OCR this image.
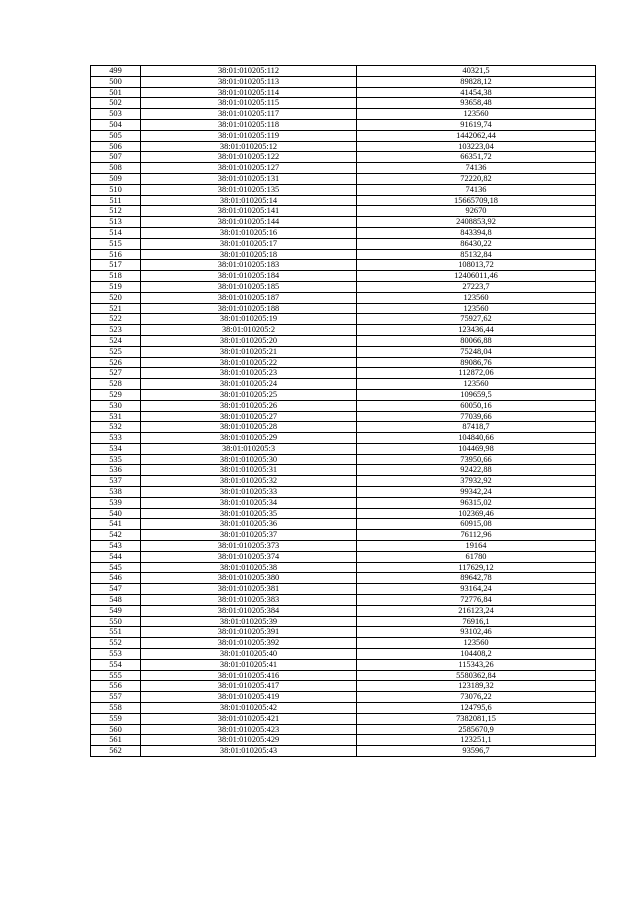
499	38:01:010205:112	40321,5
500	38:01:010205:113	89828,12
501	38:01:010205:114	41454,38
502	38:01:010205:115	93658,48
503	38:01:010205:117	123560
504	38:01:010205:118	91619,74
505	38:01:010205:119	1442062,44
506	38:01:010205:12	103223,04
507	38:01:010205:122	66351,72
508	38:01:010205:127	74136
509	38:01:010205:131	72220,82
510	38:01:010205:135	74136
511	38:01:010205:14	15665709,18
512	38:01:010205:141	92670
513	38:01:010205:144	2408853,92
514	38:01:010205:16	843394,8
515	38:01:010205:17	86430,22
516	38:01:010205:18	85132,84
517	38:01:010205:183	108013,72
518	38:01:010205:184	12406011,46
519	38:01:010205:185	27223,7
520	38:01:010205:187	123560
521	38:01:010205:188	123560
522	38:01:010205:19	75927,62
523	38:01:010205:2	123436,44
524	38:01:010205:20	80066,88
525	38:01:010205:21	75248,04
526	38:01:010205:22	89086,76
527	38:01:010205:23	112872,06
528	38:01:010205:24	123560
529	38:01:010205:25	109659,5
530	38:01:010205:26	60050,16
531	38:01:010205:27	77039,66
532	38:01:010205:28	87418,7
533	38:01:010205:29	104840,66
534	38:01:010205:3	104469,98
535	38:01:010205:30	73950,66
536	38:01:010205:31	92422,88
537	38:01:010205:32	37932,92
538	38:01:010205:33	99342,24
539	38:01:010205:34	96315,02
540	38:01:010205:35	102369,46
541	38:01:010205:36	60915,08
542	38:01:010205:37	76112,96
543	38:01:010205:373	19164
544	38:01:010205:374	61780
545	38:01:010205:38	117629,12
546	38:01:010205:380	89642,78
547	38:01:010205:381	93164,24
548	38:01:010205:383	72776,84
549	38:01:010205:384	216123,24
550	38:01:010205:39	76916,1
551	38:01:010205:391	93102,46
552	38:01:010205:392	123560
553	38:01:010205:40	104408,2
554	38:01:010205:41	115343,26
555	38:01:010205:416	5580362,84
556	38:01:010205:417	123189,32
557	38:01:010205:419	73076,22
558	38:01:010205:42	124795,6
559	38:01:010205:421	7382081,15
560	38:01:010205:423	2585670,9
561	38:01:010205:429	123251,1
562	38:01:010205:43	93596,7
